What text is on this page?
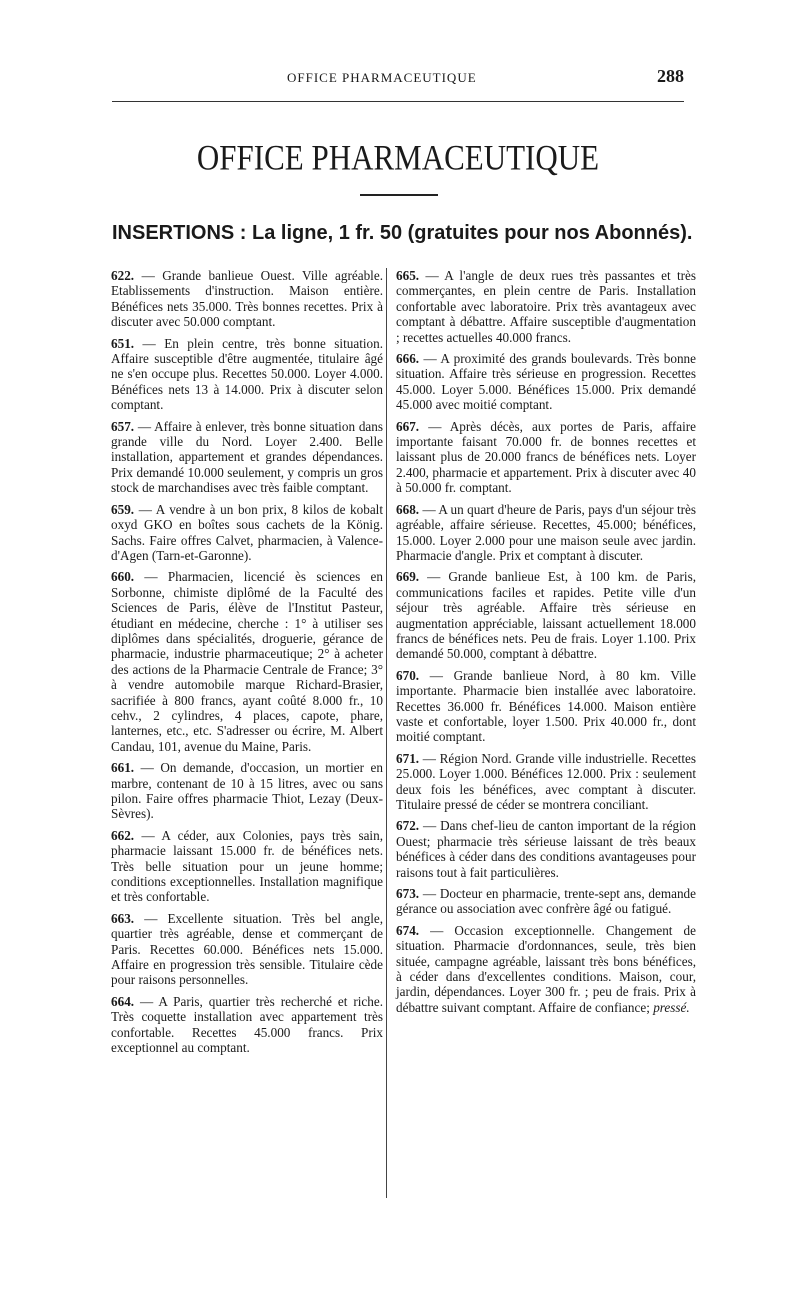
OFFICE PHARMACEUTIQUE	288
OFFICE PHARMACEUTIQUE
INSERTIONS : La ligne, 1 fr. 50 (gratuites pour nos Abonnés).

622. — Grande banlieue Ouest. Ville agréable. Etablissements d'instruction. Maison entière. Bénéfices nets 35.000. Très bonnes recettes. Prix à discuter avec 50.000 comptant.

651. — En plein centre, très bonne situation. Affaire susceptible d'être augmentée, titulaire âgé ne s'en occupe plus. Recettes 50.000. Loyer 4.000. Bénéfices nets 13 à 14.000. Prix à discuter selon comptant.

657. — Affaire à enlever, très bonne situation dans grande ville du Nord. Loyer 2.400. Belle installation, appartement et grandes dépendances. Prix demandé 10.000 seulement, y compris un gros stock de marchandises avec très faible comptant.

659. — A vendre à un bon prix, 8 kilos de kobalt oxyd GKO en boîtes sous cachets de la König. Sachs. Faire offres Calvet, pharmacien, à Valence-d'Agen (Tarn-et-Garonne).

660. — Pharmacien, licencié ès sciences en Sorbonne, chimiste diplômé de la Faculté des Sciences de Paris, élève de l'Institut Pasteur, étudiant en médecine, cherche : 1° à utiliser ses diplômes dans spécialités, droguerie, gérance de pharmacie, industrie pharmaceutique; 2° à acheter des actions de la Pharmacie Centrale de France; 3° à vendre automobile marque Richard-Brasier, sacrifiée à 800 francs, ayant coûté 8.000 fr., 10 cehv., 2 cylindres, 4 places, capote, phare, lanternes, etc., etc. S'adresser ou écrire, M. Albert Candau, 101, avenue du Maine, Paris.

661. — On demande, d'occasion, un mortier en marbre, contenant de 10 à 15 litres, avec ou sans pilon. Faire offres pharmacie Thiot, Lezay (Deux-Sèvres).

662. — A céder, aux Colonies, pays très sain, pharmacie laissant 15.000 fr. de bénéfices nets. Très belle situation pour un jeune homme; conditions exceptionnelles. Installation magnifique et très confortable.

663. — Excellente situation. Très bel angle, quartier très agréable, dense et commerçant de Paris. Recettes 60.000. Bénéfices nets 15.000. Affaire en progression très sensible. Titulaire cède pour raisons personnelles.

664. — A Paris, quartier très recherché et riche. Très coquette installation avec appartement très confortable. Recettes 45.000 francs. Prix exceptionnel au comptant.

665. — A l'angle de deux rues très passantes et très commerçantes, en plein centre de Paris. Installation confortable avec laboratoire. Prix très avantageux avec comptant à débattre. Affaire susceptible d'augmentation ; recettes actuelles 40.000 francs.

666. — A proximité des grands boulevards. Très bonne situation. Affaire très sérieuse en progression. Recettes 45.000. Loyer 5.000. Bénéfices 15.000. Prix demandé 45.000 avec moitié comptant.

667. — Après décès, aux portes de Paris, affaire importante faisant 70.000 fr. de bonnes recettes et laissant plus de 20.000 francs de bénéfices nets. Loyer 2.400, pharmacie et appartement. Prix à discuter avec 40 à 50.000 fr. comptant.

668. — A un quart d'heure de Paris, pays d'un séjour très agréable, affaire sérieuse. Recettes, 45.000; bénéfices, 15.000. Loyer 2.000 pour une maison seule avec jardin. Pharmacie d'angle. Prix et comptant à discuter.

669. — Grande banlieue Est, à 100 km. de Paris, communications faciles et rapides. Petite ville d'un séjour très agréable. Affaire très sérieuse en augmentation appréciable, laissant actuellement 18.000 francs de bénéfices nets. Peu de frais. Loyer 1.100. Prix demandé 50.000, comptant à débattre.

670. — Grande banlieue Nord, à 80 km. Ville importante. Pharmacie bien installée avec laboratoire. Recettes 36.000 fr. Bénéfices 14.000. Maison entière vaste et confortable, loyer 1.500. Prix 40.000 fr., dont moitié comptant.

671. — Région Nord. Grande ville industrielle. Recettes 25.000. Loyer 1.000. Bénéfices 12.000. Prix : seulement deux fois les bénéfices, avec comptant à discuter. Titulaire pressé de céder se montrera conciliant.

672. — Dans chef-lieu de canton important de la région Ouest; pharmacie très sérieuse laissant de très beaux bénéfices à céder dans des conditions avantageuses pour raisons tout à fait particulières.

673. — Docteur en pharmacie, trente-sept ans, demande gérance ou association avec confrère âgé ou fatigué.

674. — Occasion exceptionnelle. Changement de situation. Pharmacie d'ordonnances, seule, très bien située, campagne agréable, laissant très bons bénéfices, à céder dans d'excellentes conditions. Maison, cour, jardin, dépendances. Loyer 300 fr. ; peu de frais. Prix à débattre suivant comptant. Affaire de confiance; pressé.
